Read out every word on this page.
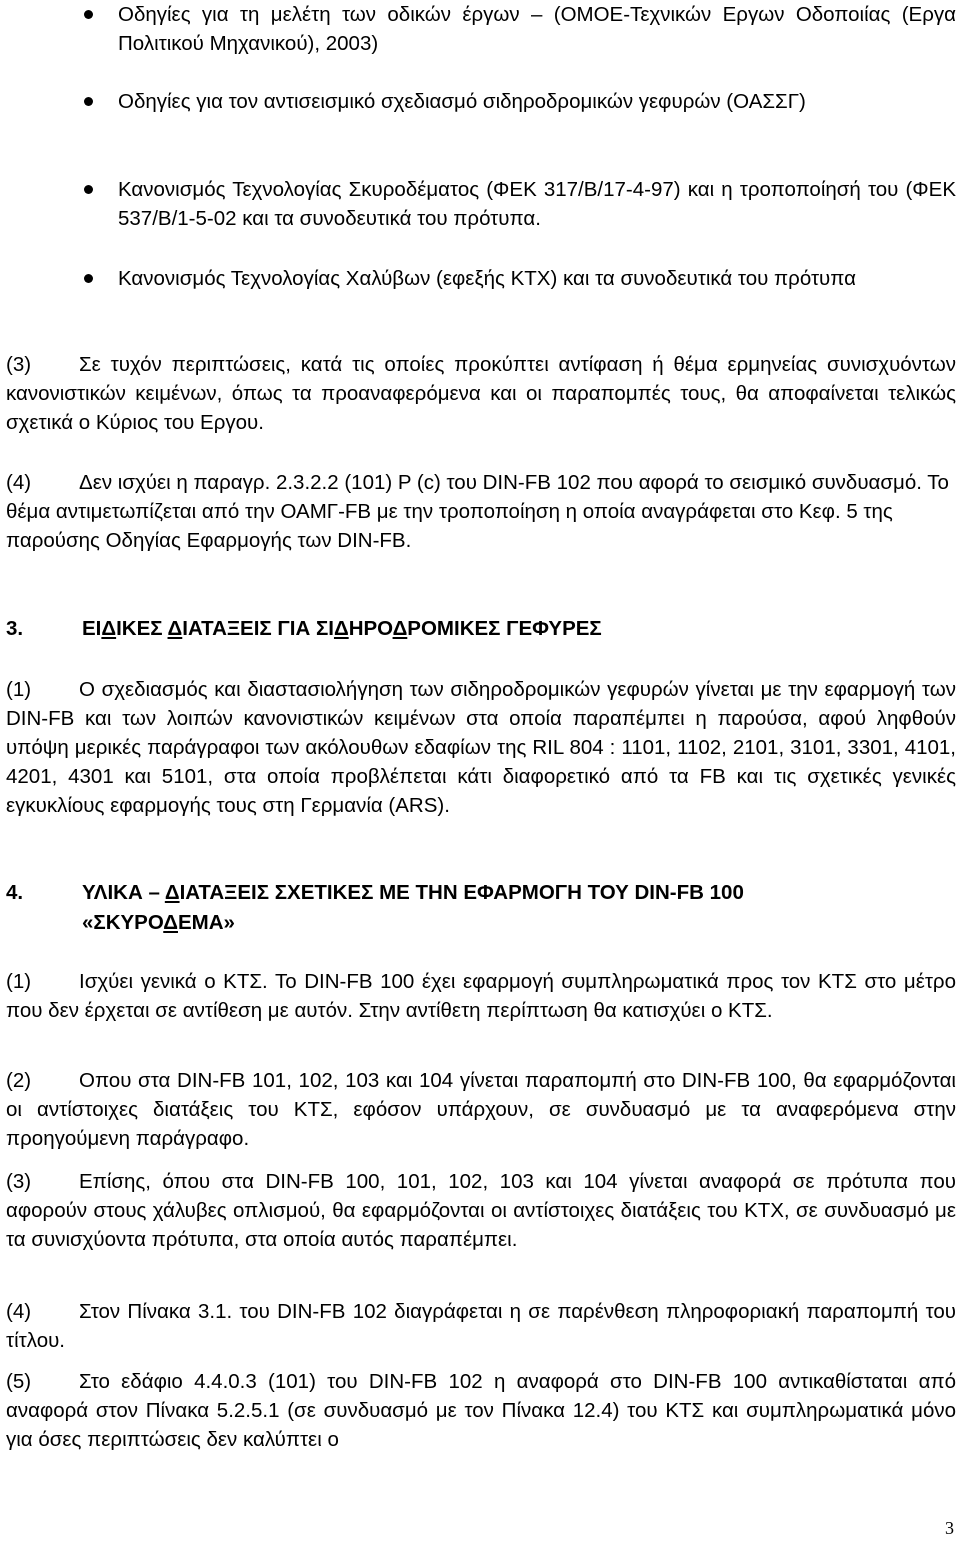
Οδηγίες για τη μελέτη των οδικών έργων – (ΟΜΟΕ-Τεχνικών Εργων Οδοποιίας (Εργα Πολιτικού Μηχανικού), 2003)
Οδηγίες για τον αντισεισμικό σχεδιασμό σιδηροδρομικών γεφυρών (ΟΑΣΣΓ)
Κανονισμός Τεχνολογίας Σκυροδέματος (ΦΕΚ 317/Β/17-4-97) και η τροποποίησή του (ΦΕΚ 537/Β/1-5-02 και τα συνοδευτικά του πρότυπα.
Κανονισμός Τεχνολογίας Χαλύβων (εφεξής ΚΤΧ) και τα συνοδευτικά του πρότυπα

(3) Σε τυχόν περιπτώσεις, κατά τις οποίες προκύπτει αντίφαση ή θέμα ερμηνείας συνισχυόντων κανονιστικών κειμένων, όπως τα προαναφερόμενα και οι παραπομπές τους, θα αποφαίνεται τελικώς σχετικά ο Κύριος του Εργου.

(4) Δεν ισχύει η παραγρ. 2.3.2.2 (101) P (c) του DIN-FB 102 που αφορά το σεισμικό συνδυασμό. Το θέμα αντιμετωπίζεται από την ΟΑΜΓ-FB με την τροποποίηση η οποία αναγράφεται στο Κεφ. 5 της παρούσης Οδηγίας Εφαρμογής των DIN-FB.

3.	ΕΙΔΙΚΕΣ ΔΙΑΤΑΞΕΙΣ ΓΙΑ ΣΙΔΗΡΟΔΡΟΜΙΚΕΣ ΓΕΦΥΡΕΣ

(1) Ο σχεδιασμός και διαστασιολήγηση των σιδηροδρομικών γεφυρών γίνεται με την εφαρμογή των DIN-FB και των λοιπών κανονιστικών κειμένων στα οποία παραπέμπει η παρούσα, αφού ληφθούν υπόψη μερικές παράγραφοι των ακόλουθων εδαφίων της RIL 804 : 1101, 1102, 2101, 3101, 3301, 4101, 4201, 4301 και 5101, στα οποία προβλέπεται κάτι διαφορετικό από τα FB και τις σχετικές γενικές εγκυκλίους εφαρμογής τους στη Γερμανία (ARS).

4.	ΥΛΙΚΑ – ΔΙΑΤΑΞΕΙΣ ΣΧΕΤΙΚΕΣ ΜΕ ΤΗΝ ΕΦΑΡΜΟΓΗ ΤΟΥ DIN-FB 100
«ΣΚΥΡΟΔΕΜΑ»

(1) Ισχύει γενικά ο ΚΤΣ. Το DIN-FB 100 έχει εφαρμογή συμπληρωματικά προς τον ΚΤΣ στο μέτρο που δεν έρχεται σε αντίθεση με αυτόν. Στην αντίθετη περίπτωση θα κατισχύει ο ΚΤΣ.

(2) Οπου στα DIN-FB 101, 102, 103 και 104 γίνεται παραπομπή στο DIN-FB 100, θα εφαρμόζονται οι αντίστοιχες διατάξεις του ΚΤΣ, εφόσον υπάρχουν, σε συνδυασμό με τα αναφερόμενα στην προηγούμενη παράγραφο.

(3) Επίσης, όπου στα DIN-FB 100, 101, 102, 103 και 104 γίνεται αναφορά σε πρότυπα που αφορούν στους χάλυβες οπλισμού, θα εφαρμόζονται οι αντίστοιχες διατάξεις του ΚΤΧ, σε συνδυασμό με τα συνισχύοντα πρότυπα, στα οποία αυτός παραπέμπει.

(4) Στον Πίνακα 3.1. του DIN-FB 102 διαγράφεται η σε παρένθεση πληροφοριακή παραπομπή του τίτλου.

(5) Στο εδάφιο 4.4.0.3 (101) του DIN-FB 102 η αναφορά στο DIN-FB 100 αντικαθίσταται από αναφορά στον Πίνακα 5.2.5.1 (σε συνδυασμό με τον Πίνακα 12.4) του ΚΤΣ και συμπληρωματικά μόνο για όσες περιπτώσεις δεν καλύπτει ο

3
